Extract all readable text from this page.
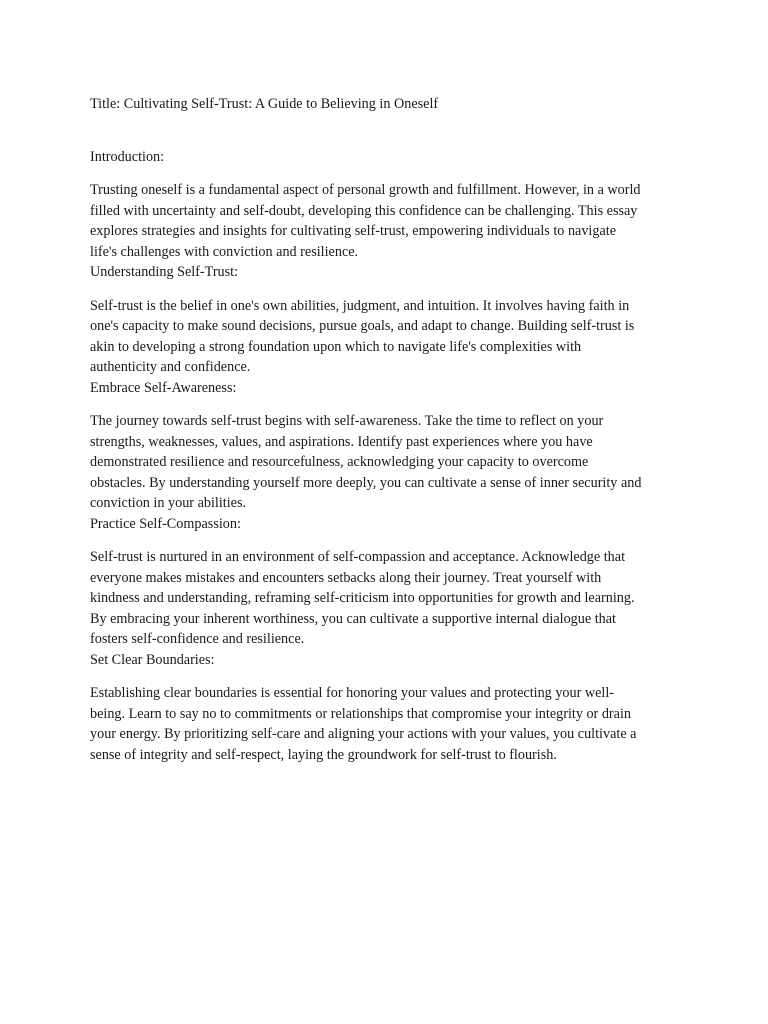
Title: Cultivating Self-Trust: A Guide to Believing in Oneself

Introduction:

Trusting oneself is a fundamental aspect of personal growth and fulfillment. However, in a world

filled with uncertainty and self-doubt, developing this confidence can be challenging. This essay

explores strategies and insights for cultivating self-trust, empowering individuals to navigate

life's challenges with conviction and resilience.

Understanding Self-Trust:

Self-trust is the belief in one's own abilities, judgment, and intuition. It involves having faith in

one's capacity to make sound decisions, pursue goals, and adapt to change. Building self-trust is

akin to developing a strong foundation upon which to navigate life's complexities with

authenticity and confidence.

Embrace Self-Awareness:

The journey towards self-trust begins with self-awareness. Take the time to reflect on your

strengths, weaknesses, values, and aspirations. Identify past experiences where you have

demonstrated resilience and resourcefulness, acknowledging your capacity to overcome

obstacles. By understanding yourself more deeply, you can cultivate a sense of inner security and

conviction in your abilities.

Practice Self-Compassion:

Self-trust is nurtured in an environment of self-compassion and acceptance. Acknowledge that

everyone makes mistakes and encounters setbacks along their journey. Treat yourself with

kindness and understanding, reframing self-criticism into opportunities for growth and learning.

By embracing your inherent worthiness, you can cultivate a supportive internal dialogue that

fosters self-confidence and resilience.

Set Clear Boundaries:

Establishing clear boundaries is essential for honoring your values and protecting your well-

being. Learn to say no to commitments or relationships that compromise your integrity or drain

your energy. By prioritizing self-care and aligning your actions with your values, you cultivate a

sense of integrity and self-respect, laying the groundwork for self-trust to flourish.
